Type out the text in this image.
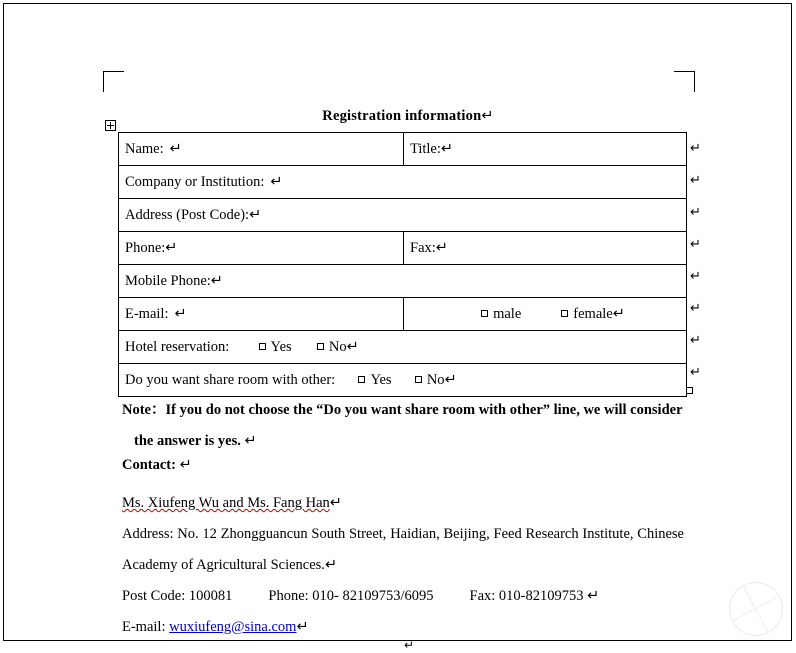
Registration information↵
Name: ↵	Title:↵
Company or Institution: ↵	
Address (Post Code):↵	
Phone:↵	Fax:↵
Mobile Phone:↵	
E-mail: ↵	male female↵

Hotel reservation: Yes No↵	
Do you want share room with other: Yes No↵	
↵
↵
↵
↵
↵
↵
↵
↵
Note：If you do not choose the “Do you want share room with other” line, we will consider
the answer is yes. ↵
Contact: ↵
Ms. Xiufeng Wu and Ms. Fang Han↵
Address: No. 12 Zhongguancun South Street, Haidian, Beijing, Feed Research Institute, Chinese Academy of Agricultural Sciences.↵
Post Code: 100081 Phone: 010- 82109753/6095 Fax: 010-82109753 ↵
E-mail: wuxiufeng@sina.com↵
↵
